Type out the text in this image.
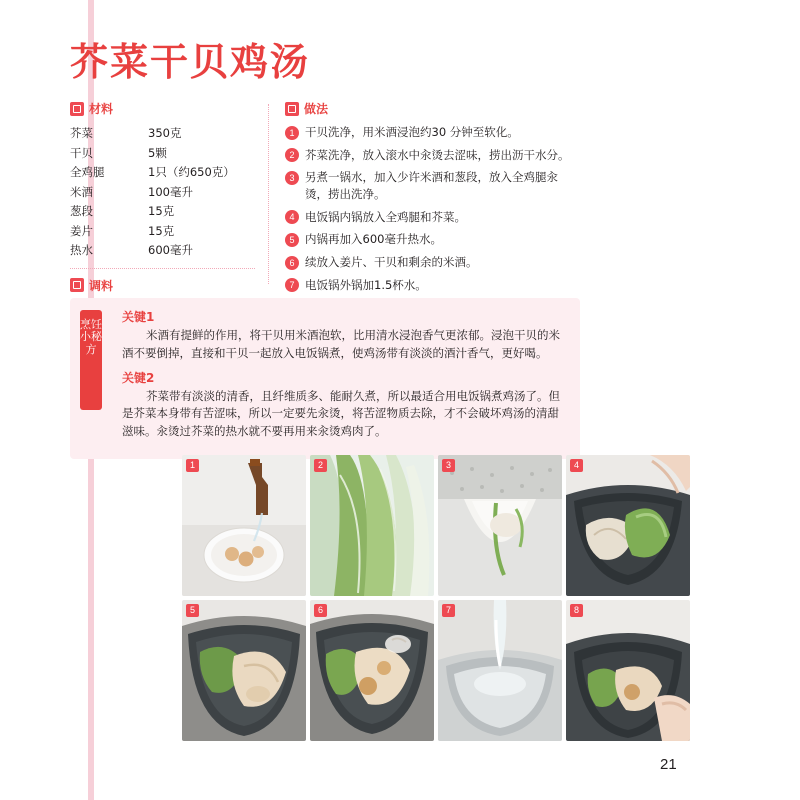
芥菜干贝鸡汤
材料
芥菜	350克
干贝	5颗
全鸡腿	1只（约650克）
米酒	100毫升
葱段	15克
姜片	15克
热水	600毫升
调料

做法
1 干贝洗净，用米酒浸泡约30 分钟至软化。
2 芥菜洗净，放入滚水中汆烫去涩味，捞出沥干水分。
3 另煮一锅水，加入少许米酒和葱段，放入全鸡腿汆烫，捞出洗净。
4 电饭锅内锅放入全鸡腿和芥菜。
5 内锅再加入600毫升热水。
6 续放入姜片、干贝和剩余的米酒。
7 电饭锅外锅加1.5杯水。
烹饪小秘方

关键1

米酒有提鲜的作用，将干贝用米酒泡软，比用清水浸泡香气更浓郁。浸泡干贝的米酒不要倒掉，直接和干贝一起放入电饭锅煮，使鸡汤带有淡淡的酒汁香气，更好喝。

关键2

芥菜带有淡淡的清香，且纤维质多、能耐久煮，所以最适合用电饭锅煮鸡汤了。但是芥菜本身带有苦涩味，所以一定要先汆烫，将苦涩物质去除，才不会破坏鸡汤的清甜滋味。汆烫过芥菜的热水就不要再用来汆烫鸡肉了。

1	2	3	4
5	6	7	8
21
